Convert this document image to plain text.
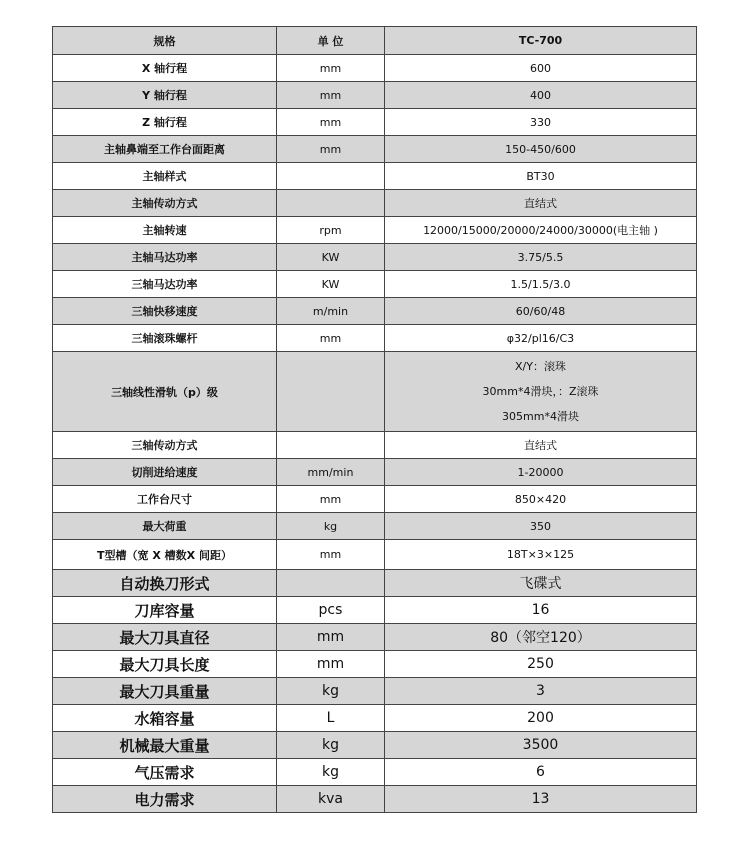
规格	单 位	TC-700
X 轴行程	mm	600
Y 轴行程	mm	400
Z 轴行程	mm	330
主轴鼻端至工作台面距离	mm	150-450/600
主轴样式		BT30
主轴传动方式		直结式
主轴转速	rpm	12000/15000/20000/24000/30000(电主轴 )
主轴马达功率	KW	3.75/5.5
三轴马达功率	KW	1.5/1.5/3.0
三轴快移速度	m/min	60/60/48
三轴滚珠螺杆	mm	φ32/pl16/C3
三轴线性滑轨（p）级		X/Y：滚珠
30mm*4滑块，：Z滚珠
305mm*4滑块

三轴传动方式		直结式
切削进给速度	mm/min	1-20000
工作台尺寸	mm	850×420
最大荷重	kg	350
T型槽（宽 X 槽数X 间距）	mm	18T×3×125
自动换刀形式		飞碟式
刀库容量	pcs	16
最大刀具直径	mm	80（邻空120）
最大刀具长度	mm	250
最大刀具重量	kg	3
水箱容量	L	200
机械最大重量	kg	3500
气压需求	kg	6
电力需求	kva	13
